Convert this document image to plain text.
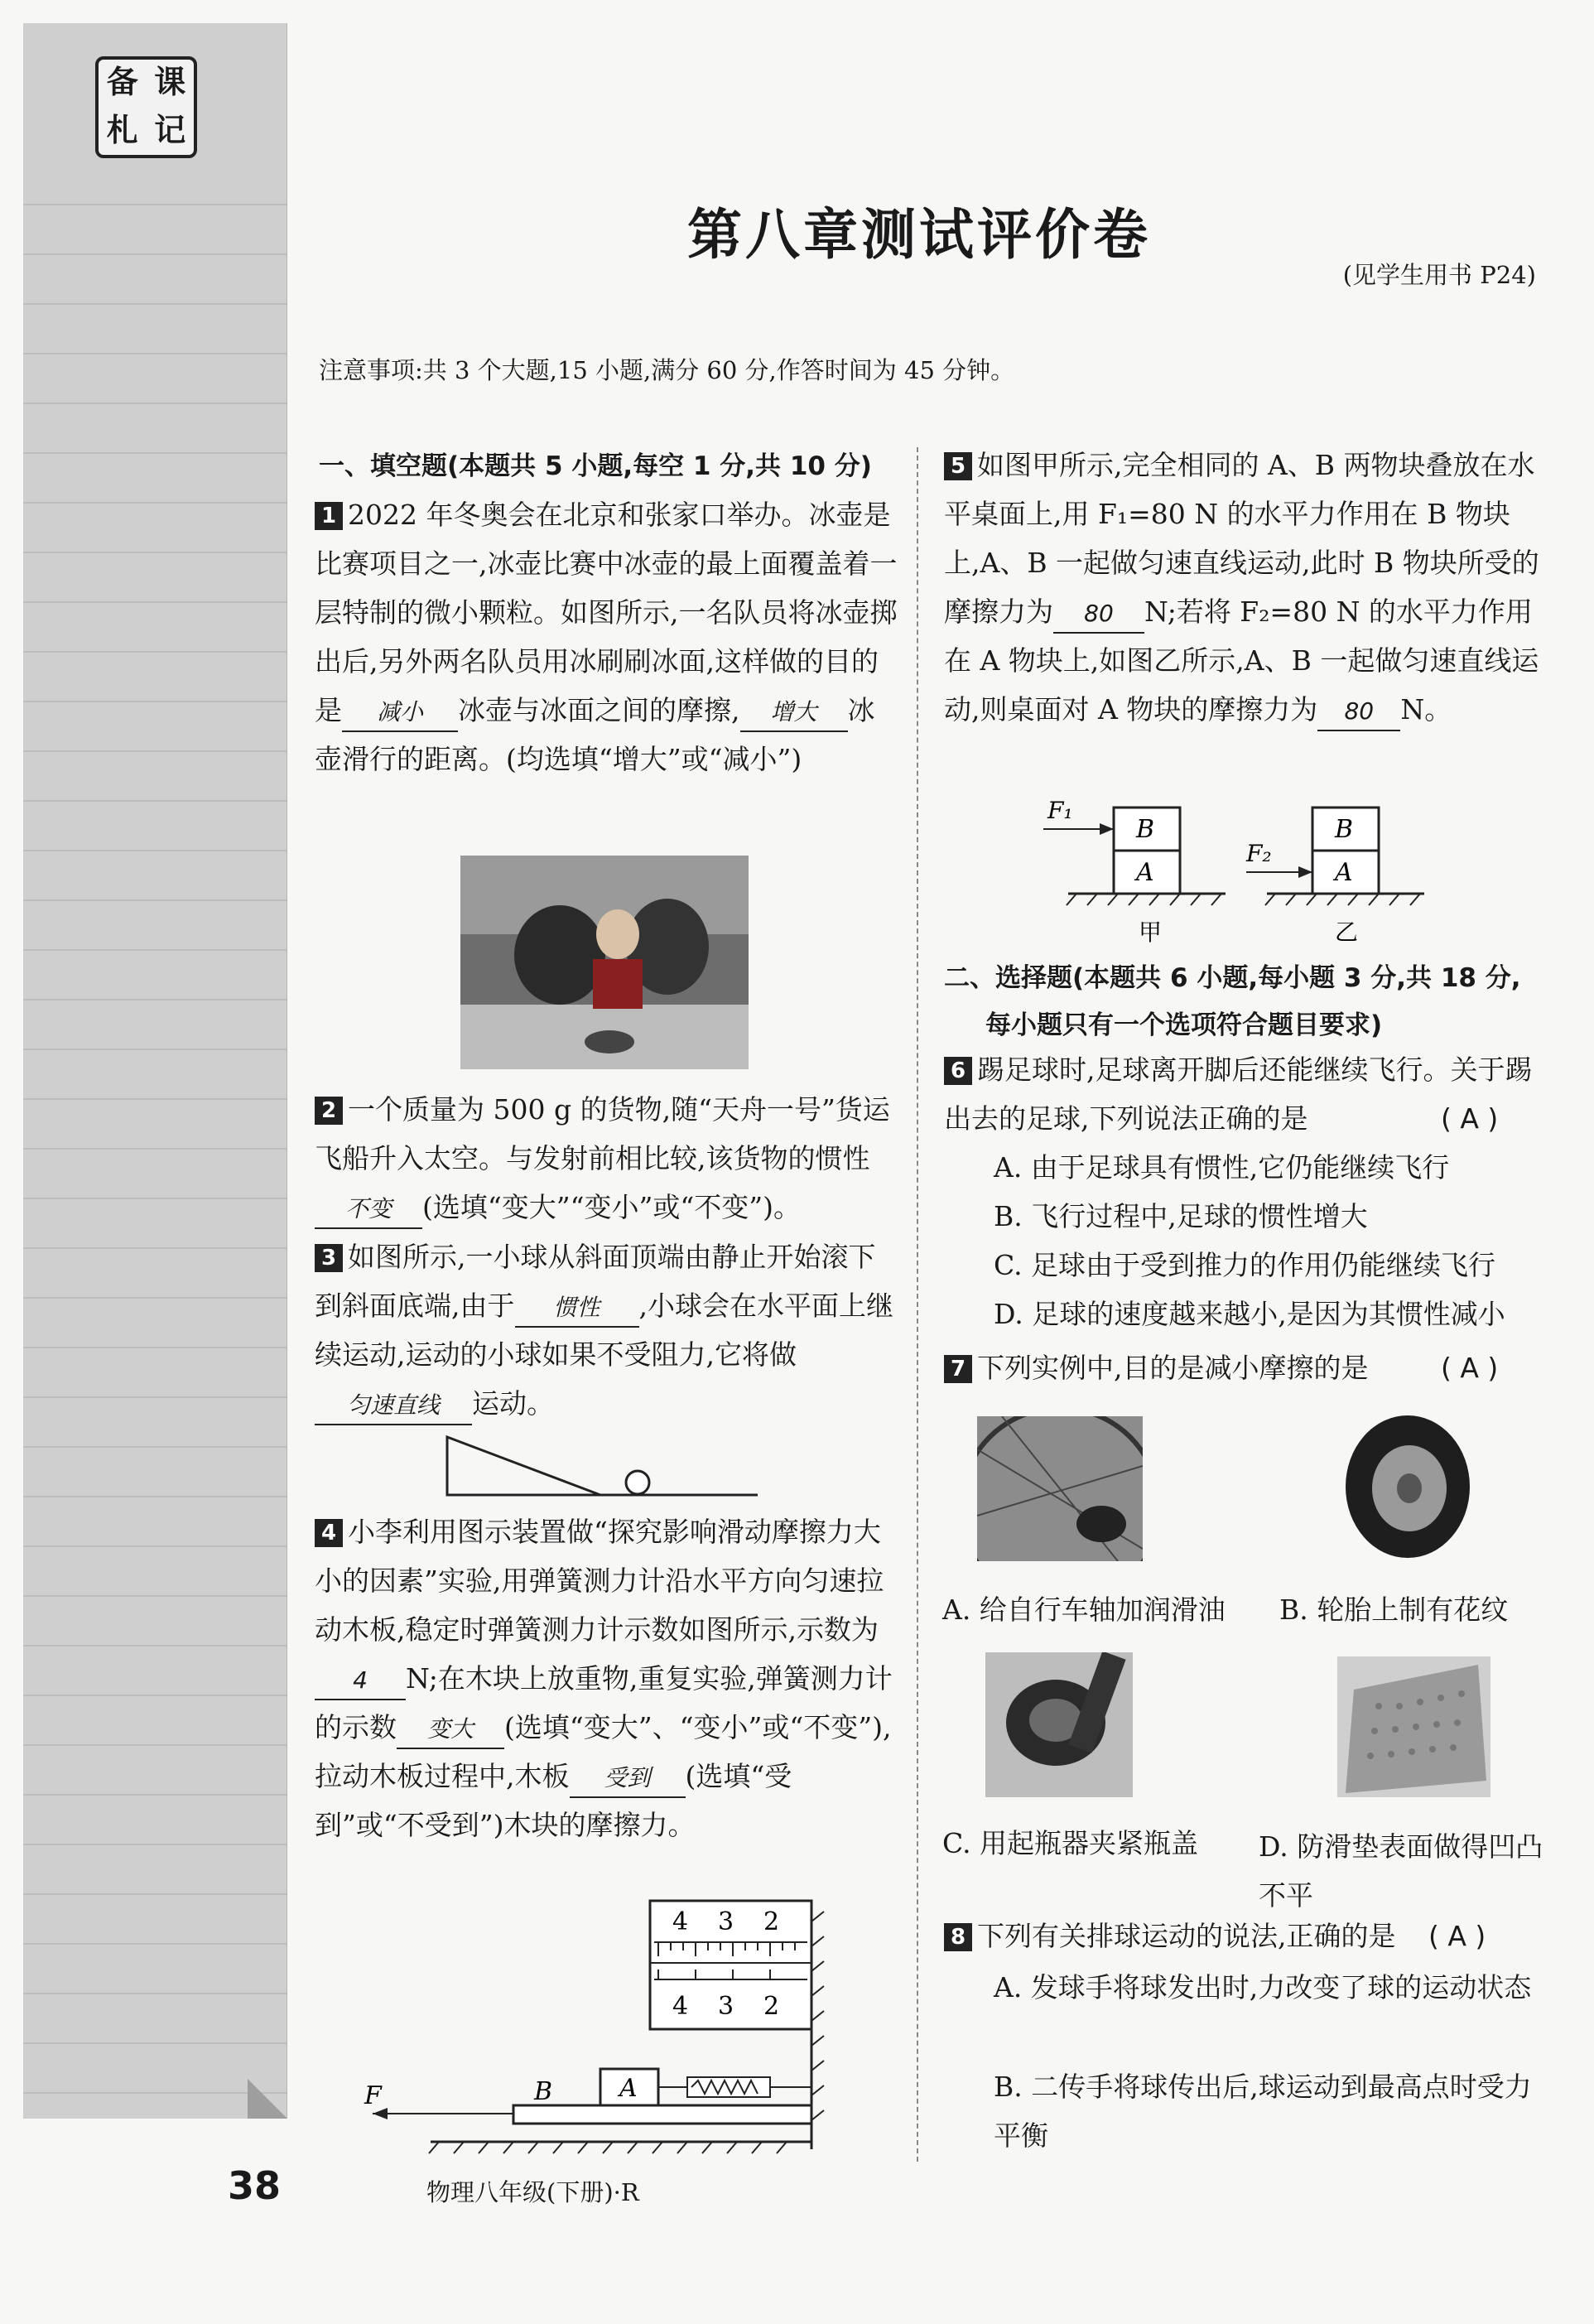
备 课
札 记
第八章测试评价卷
(见学生用书 P24)
注意事项:共 3 个大题,15 小题,满分 60 分,作答时间为 45 分钟。
一、填空题(本题共 5 小题,每空 1 分,共 10 分)
1 2022 年冬奥会在北京和张家口举办。冰壶是比赛项目之一,冰壶比赛中冰壶的最上面覆盖着一层特制的微小颗粒。如图所示,一名队员将冰壶掷出后,另外两名队员用冰刷刷冰面,这样做的目的是 减小 冰壶与冰面之间的摩擦, 增大 冰壶滑行的距离。(均选填“增大”或“减小”)
2 一个质量为 500 g 的货物,随“天舟一号”货运飞船升入太空。与发射前相比较,该货物的惯性不变 (选填“变大”“变小”或“不变”)。
3 如图所示,一小球从斜面顶端由静止开始滚下到斜面底端,由于 惯性 ,小球会在水平面上继续运动,运动的小球如果不受阻力,它将做匀速直线 运动。
4 小李利用图示装置做“探究影响滑动摩擦力大小的因素”实验,用弹簧测力计沿水平方向匀速拉动木板,稳定时弹簧测力计示数如图所示,示数为4 N;在木块上放重物,重复实验,弹簧测力计的示数 变大 (选填“变大”、“变小”或“不变”),拉动木板过程中,木板 受到 (选填“受到”或“不受到”)木块的摩擦力。
4 3 2
4 3 2
A
B
F
5 如图甲所示,完全相同的 A、B 两物块叠放在水平桌面上,用 F₁=80 N 的水平力作用在 B 物块上,A、B 一起做匀速直线运动,此时 B 物块所受的摩擦力为 80 N;若将 F₂=80 N 的水平力作用在 A 物块上,如图乙所示,A、B 一起做匀速直线运动,则桌面对 A 物块的摩擦力为 80 N。
B
A
F₁
甲
B
A
F₂
乙
二、选择题(本题共 6 小题,每小题 3 分,共 18 分,
每小题只有一个选项符合题目要求)
6 踢足球时,足球离开脚后还能继续飞行。关于踢出去的足球,下列说法正确的是	( A )
A. 由于足球具有惯性,它仍能继续飞行
B. 飞行过程中,足球的惯性增大
C. 足球由于受到推力的作用仍能继续飞行
D. 足球的速度越来越小,是因为其惯性减小
7 下列实例中,目的是减小摩擦的是	( A )
A. 给自行车轴加润滑油 B. 轮胎上制有花纹
C. 用起瓶器夹紧瓶盖 D. 防滑垫表面做得凹凸不平
8 下列有关排球运动的说法,正确的是 ( A )
A. 发球手将球发出时,力改变了球的运动状态
B. 二传手将球传出后,球运动到最高点时受力平衡
38	物理八年级(下册)·R
